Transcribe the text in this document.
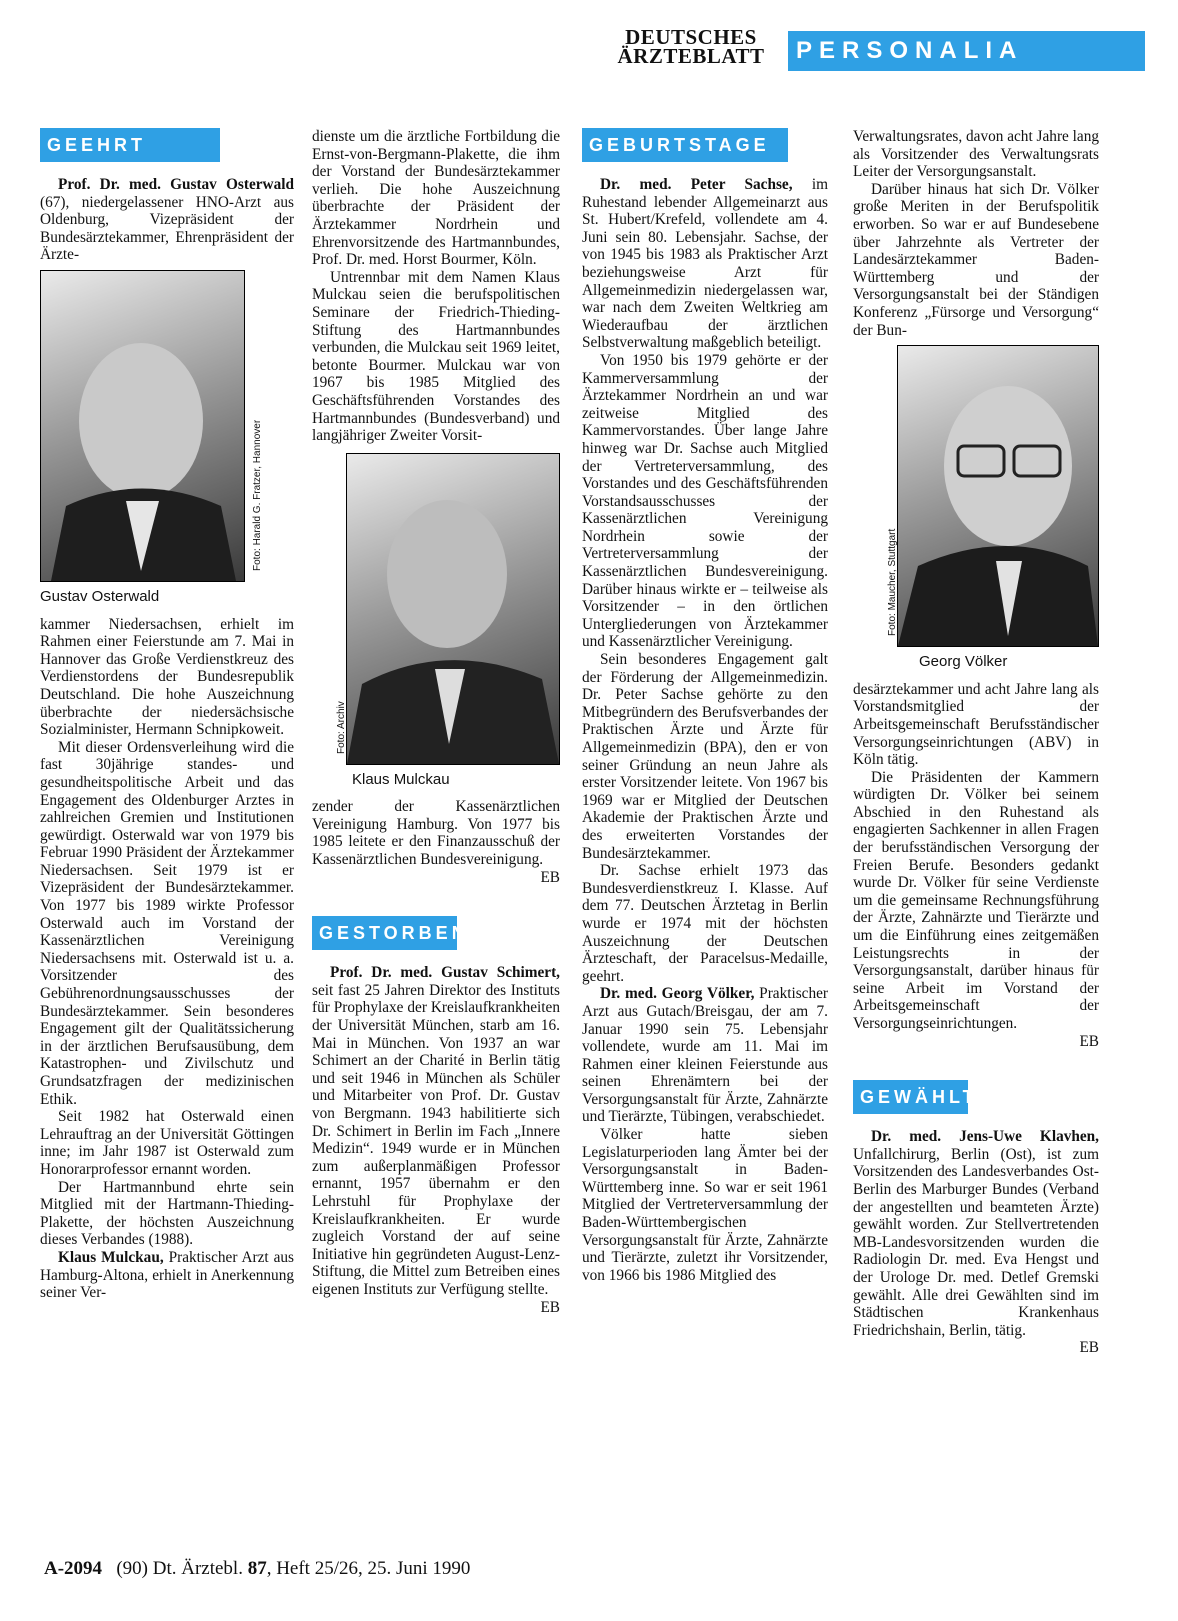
DEUTSCHES
ÄRZTEBLATT	PERSONALIA
GEEHRT

Prof. Dr. med. Gustav Osterwald (67), niedergelassener HNO-Arzt aus Oldenburg, Vizepräsident der Bundesärztekammer, Ehrenpräsident der Ärzte-

Foto: Harald G. Fratzer, Hannover
Gustav Osterwald

kammer Niedersachsen, erhielt im Rahmen einer Feierstunde am 7. Mai in Hannover das Große Verdienstkreuz des Verdienstordens der Bundesrepublik Deutschland. Die hohe Auszeichnung überbrachte der niedersächsische Sozialminister, Hermann Schnipkoweit.

Mit dieser Ordensverleihung wird die fast 30jährige standes- und gesundheitspolitische Arbeit und das Engagement des Oldenburger Arztes in zahlreichen Gremien und Institutionen gewürdigt. Osterwald war von 1979 bis Februar 1990 Präsident der Ärztekammer Niedersachsen. Seit 1979 ist er Vizepräsident der Bundesärztekammer. Von 1977 bis 1989 wirkte Professor Osterwald auch im Vorstand der Kassenärztlichen Vereinigung Niedersachsens mit. Osterwald ist u. a. Vorsitzender des Gebührenordnungsausschusses der Bundesärztekammer. Sein besonderes Engagement gilt der Qualitätssicherung in der ärztlichen Berufsausübung, dem Katastrophen- und Zivilschutz und Grundsatzfragen der medizinischen Ethik.

Seit 1982 hat Osterwald einen Lehrauftrag an der Universität Göttingen inne; im Jahr 1987 ist Osterwald zum Honorarprofessor ernannt worden.

Der Hartmannbund ehrte sein Mitglied mit der Hartmann-Thieding-Plakette, der höchsten Auszeichnung dieses Verbandes (1988).

Klaus Mulckau, Praktischer Arzt aus Hamburg-Altona, erhielt in Anerkennung seiner Ver-

dienste um die ärztliche Fortbildung die Ernst-von-Bergmann-Plakette, die ihm der Vorstand der Bundesärztekammer verlieh. Die hohe Auszeichnung überbrachte der Präsident der Ärztekammer Nordrhein und Ehrenvorsitzende des Hartmannbundes, Prof. Dr. med. Horst Bourmer, Köln.

Untrennbar mit dem Namen Klaus Mulckau seien die berufspolitischen Seminare der Friedrich-Thieding-Stiftung des Hartmannbundes verbunden, die Mulckau seit 1969 leitet, betonte Bourmer. Mulckau war von 1967 bis 1985 Mitglied des Geschäftsführenden Vorstandes des Hartmannbundes (Bundesverband) und langjähriger Zweiter Vorsit-

Foto: Archiv
Klaus Mulckau

zender der Kassenärztlichen Vereinigung Hamburg. Von 1977 bis 1985 leitete er den Finanzausschuß der Kassenärztlichen Bundesvereinigung.

EB
GESTORBEN

Prof. Dr. med. Gustav Schimert, seit fast 25 Jahren Direktor des Instituts für Prophylaxe der Kreislaufkrankheiten der Universität München, starb am 16. Mai in München. Von 1937 an war Schimert an der Charité in Berlin tätig und seit 1946 in München als Schüler und Mitarbeiter von Prof. Dr. Gustav von Bergmann. 1943 habilitierte sich Dr. Schimert in Berlin im Fach „Innere Medizin“. 1949 wurde er in München zum außerplanmäßigen Professor ernannt, 1957 übernahm er den Lehrstuhl für Prophylaxe der Kreislaufkrankheiten. Er wurde zugleich Vorstand der auf seine Initiative hin gegründeten August-Lenz-Stiftung, die Mittel zum Betreiben eines eigenen Instituts zur Verfügung stellte.

EB
GEBURTSTAGE

Dr. med. Peter Sachse, im Ruhestand lebender Allgemeinarzt aus St. Hubert/Krefeld, vollendete am 4. Juni sein 80. Lebensjahr. Sachse, der von 1945 bis 1983 als Praktischer Arzt beziehungsweise Arzt für Allgemeinmedizin niedergelassen war, war nach dem Zweiten Weltkrieg am Wiederaufbau der ärztlichen Selbstverwaltung maßgeblich beteiligt.

Von 1950 bis 1979 gehörte er der Kammerversammlung der Ärztekammer Nordrhein an und war zeitweise Mitglied des Kammervorstandes. Über lange Jahre hinweg war Dr. Sachse auch Mitglied der Vertreterversammlung, des Vorstandes und des Geschäftsführenden Vorstandsausschusses der Kassenärztlichen Vereinigung Nordrhein sowie der Vertreterversammlung der Kassenärztlichen Bundesvereinigung. Darüber hinaus wirkte er – teilweise als Vorsitzender – in den örtlichen Untergliederungen von Ärztekammer und Kassenärztlicher Vereinigung.

Sein besonderes Engagement galt der Förderung der Allgemeinmedizin. Dr. Peter Sachse gehörte zu den Mitbegründern des Berufsverbandes der Praktischen Ärzte und Ärzte für Allgemeinmedizin (BPA), den er von seiner Gründung an neun Jahre als erster Vorsitzender leitete. Von 1967 bis 1969 war er Mitglied der Deutschen Akademie der Praktischen Ärzte und des erweiterten Vorstandes der Bundesärztekammer.

Dr. Sachse erhielt 1973 das Bundesverdienstkreuz I. Klasse. Auf dem 77. Deutschen Ärztetag in Berlin wurde er 1974 mit der höchsten Auszeichnung der Deutschen Ärzteschaft, der Paracelsus-Medaille, geehrt.

Dr. med. Georg Völker, Praktischer Arzt aus Gutach/Breisgau, der am 7. Januar 1990 sein 75. Lebensjahr vollendete, wurde am 11. Mai im Rahmen einer kleinen Feierstunde aus seinen Ehrenämtern bei der Versorgungsanstalt für Ärzte, Zahnärzte und Tierärzte, Tübingen, verabschiedet.

Völker hatte sieben Legislaturperioden lang Ämter bei der Versorgungsanstalt in Baden-Württemberg inne. So war er seit 1961 Mitglied der Vertreterversammlung der Baden-Württembergischen Versorgungsanstalt für Ärzte, Zahnärzte und Tierärzte, zuletzt ihr Vorsitzender, von 1966 bis 1986 Mitglied des

Verwaltungsrates, davon acht Jahre lang als Vorsitzender des Verwaltungsrats Leiter der Versorgungsanstalt.

Darüber hinaus hat sich Dr. Völker große Meriten in der Berufspolitik erworben. So war er auf Bundesebene über Jahrzehnte als Vertreter der Landesärztekammer Baden-Württemberg und der Versorgungsanstalt bei der Ständigen Konferenz „Fürsorge und Versorgung“ der Bun-

Foto: Maucher, Stuttgart
Georg Völker

desärztekammer und acht Jahre lang als Vorstandsmitglied der Arbeitsgemeinschaft Berufsständischer Versorgungseinrichtungen (ABV) in Köln tätig.

Die Präsidenten der Kammern würdigten Dr. Völker bei seinem Abschied in den Ruhestand als engagierten Sachkenner in allen Fragen der berufsständischen Versorgung der Freien Berufe. Besonders gedankt wurde Dr. Völker für seine Verdienste um die gemeinsame Rechnungsführung der Ärzte, Zahnärzte und Tierärzte und um die Einführung eines zeitgemäßen Leistungsrechts in der Versorgungsanstalt, darüber hinaus für seine Arbeit im Vorstand der Arbeitsgemeinschaft der Versorgungseinrichtungen.

EB
GEWÄHLT

Dr. med. Jens-Uwe Klavhen, Unfallchirurg, Berlin (Ost), ist zum Vorsitzenden des Landesverbandes Ost-Berlin des Marburger Bundes (Verband der angestellten und beamteten Ärzte) gewählt worden. Zur Stellvertretenden MB-Landesvorsitzenden wurden die Radiologin Dr. med. Eva Hengst und der Urologe Dr. med. Detlef Gremski gewählt. Alle drei Gewählten sind im Städtischen Krankenhaus Friedrichshain, Berlin, tätig.

EB
A-2094 (90) Dt. Ärztebl. 87, Heft 25/26, 25. Juni 1990
